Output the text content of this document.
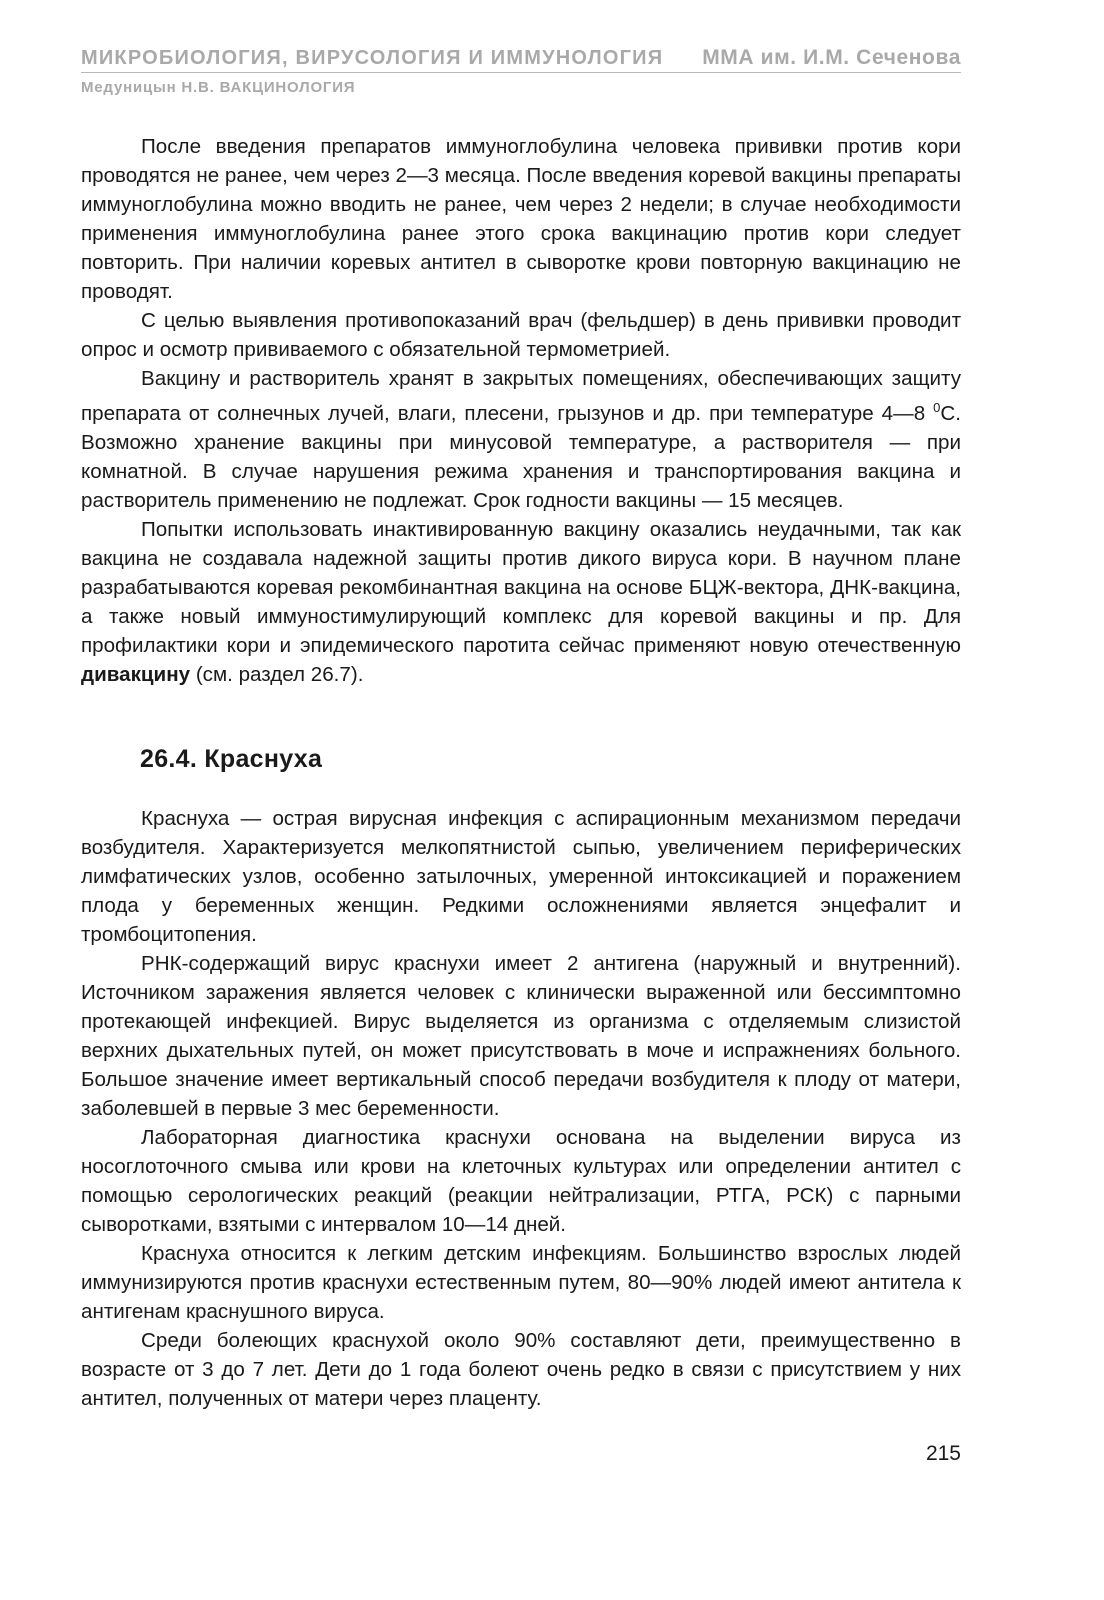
МИКРОБИОЛОГИЯ, ВИРУСОЛОГИЯ И ИММУНОЛОГИЯ ММА им. И.М. Сеченова
Медуницын Н.В. ВАКЦИНОЛОГИЯ

После введения препаратов иммуноглобулина человека прививки против кори проводятся не ранее, чем через 2—3 месяца. После введения коревой вакцины препараты иммуноглобулина можно вводить не ранее, чем через 2 недели; в случае необходимости применения иммуноглобулина ранее этого срока вакцинацию против кори следует повторить. При наличии коревых антител в сыворотке крови повторную вакцинацию не проводят.

С целью выявления противопоказаний врач (фельдшер) в день прививки проводит опрос и осмотр прививаемого с обязательной термометрией.

Вакцину и растворитель хранят в закрытых помещениях, обеспечивающих защиту препарата от солнечных лучей, влаги, плесени, грызунов и др. при температуре 4—8 $^0$С. Возможно хранение вакцины при минусовой температуре, а растворителя — при комнатной. В случае нарушения режима хранения и транспортирования вакцина и растворитель применению не подлежат. Срок годности вакцины — 15 месяцев.

Попытки использовать инактивированную вакцину оказались неудачными, так как вакцина не создавала надежной защиты против дикого вируса кори. В научном плане разрабатываются коревая рекомбинантная вакцина на основе БЦЖ-вектора, ДНК-вакцина, а также новый иммуностимулирующий комплекс для коревой вакцины и пр. Для профилактики кори и эпидемического паротита сейчас применяют новую отечественную дивакцину (см. раздел 26.7).

26.4. Краснуха

Краснуха — острая вирусная инфекция с аспирационным механизмом передачи возбудителя. Характеризуется мелкопятнистой сыпью, увеличением периферических лимфатических узлов, особенно затылочных, умеренной интоксикацией и поражением плода у беременных женщин. Редкими осложнениями является энцефалит и тромбоцитопения.

РНК-содержащий вирус краснухи имеет 2 антигена (наружный и внутренний). Источником заражения является человек с клинически выраженной или бессимптомно протекающей инфекцией. Вирус выделяется из организма с отделяемым слизистой верхних дыхательных путей, он может присутствовать в моче и испражнениях больного. Большое значение имеет вертикальный способ передачи возбудителя к плоду от матери, заболевшей в первые 3 мес беременности.

Лабораторная диагностика краснухи основана на выделении вируса из носоглоточного смыва или крови на клеточных культурах или определении антител с помощью серологических реакций (реакции нейтрализации, РТГА, РСК) с парными сыворотками, взятыми с интервалом 10—14 дней.

Краснуха относится к легким детским инфекциям. Большинство взрослых людей иммунизируются против краснухи естественным путем, 80—90% людей имеют антитела к антигенам краснушного вируса.

Среди болеющих краснухой около 90% составляют дети, преимущественно в возрасте от 3 до 7 лет. Дети до 1 года болеют очень редко в связи с присутствием у них антител, полученных от матери через плаценту.

215
